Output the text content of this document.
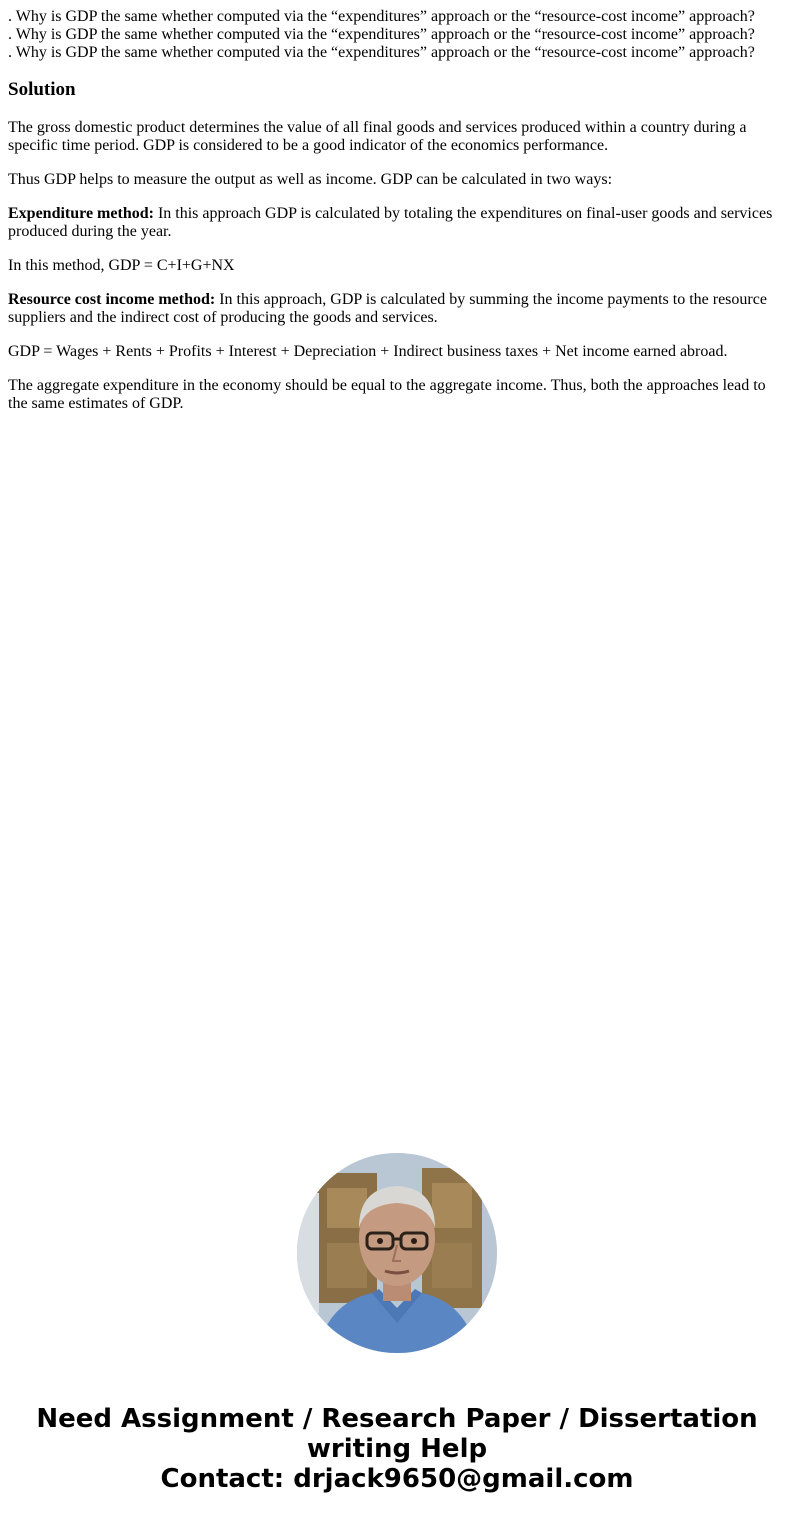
. Why is GDP the same whether computed via the “expenditures” approach or the “resource-cost income” approach?
. Why is GDP the same whether computed via the “expenditures” approach or the “resource-cost income” approach?
. Why is GDP the same whether computed via the “expenditures” approach or the “resource-cost income” approach?
Solution

The gross domestic product determines the value of all final goods and services produced within a country during a specific time period. GDP is considered to be a good indicator of the economics performance.

Thus GDP helps to measure the output as well as income. GDP can be calculated in two ways:

Expenditure method: In this approach GDP is calculated by totaling the expenditures on final-user goods and services produced during the year.

In this method, GDP = C+I+G+NX

Resource cost income method: In this approach, GDP is calculated by summing the income payments to the resource suppliers and the indirect cost of producing the goods and services.

GDP = Wages + Rents + Profits + Interest + Depreciation + Indirect business taxes + Net income earned abroad.

The aggregate expenditure in the economy should be equal to the aggregate income. Thus, both the approaches lead to the same estimates of GDP.

Need Assignment / Research Paper / Dissertation
writing Help
Contact: drjack9650@gmail.com
